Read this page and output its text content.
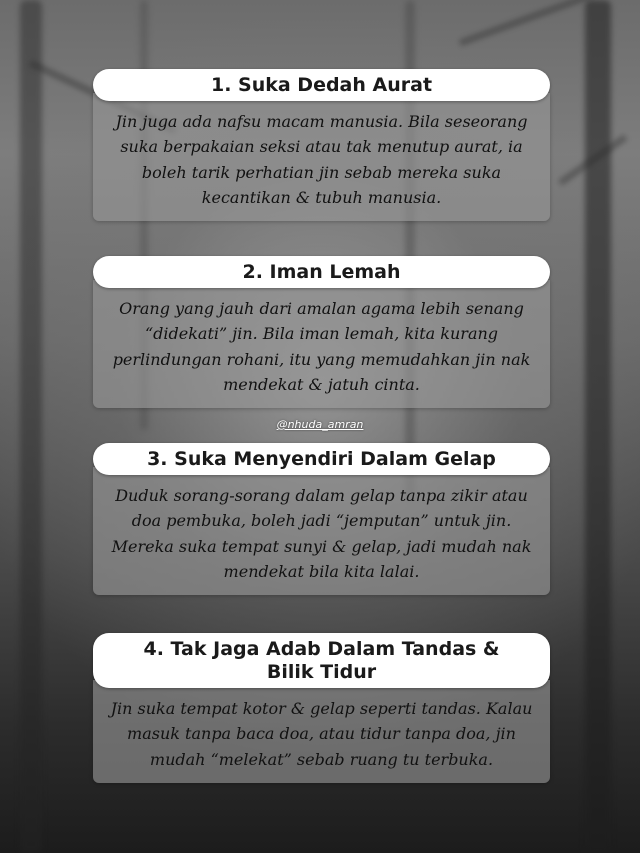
1. Suka Dedah Aurat
Jin juga ada nafsu macam manusia. Bila seseorang suka berpakaian seksi atau tak menutup aurat, ia boleh tarik perhatian jin sebab mereka suka kecantikan & tubuh manusia.
2. Iman Lemah
Orang yang jauh dari amalan agama lebih senang “didekati” jin. Bila iman lemah, kita kurang perlindungan rohani, itu yang memudahkan jin nak mendekat & jatuh cinta.
@nhuda_amran
3. Suka Menyendiri Dalam Gelap
Duduk sorang-sorang dalam gelap tanpa zikir atau doa pembuka, boleh jadi “jemputan” untuk jin. Mereka suka tempat sunyi & gelap, jadi mudah nak mendekat bila kita lalai.
4. Tak Jaga Adab Dalam Tandas & Bilik Tidur
Jin suka tempat kotor & gelap seperti tandas. Kalau masuk tanpa baca doa, atau tidur tanpa doa, jin mudah “melekat” sebab ruang tu terbuka.
